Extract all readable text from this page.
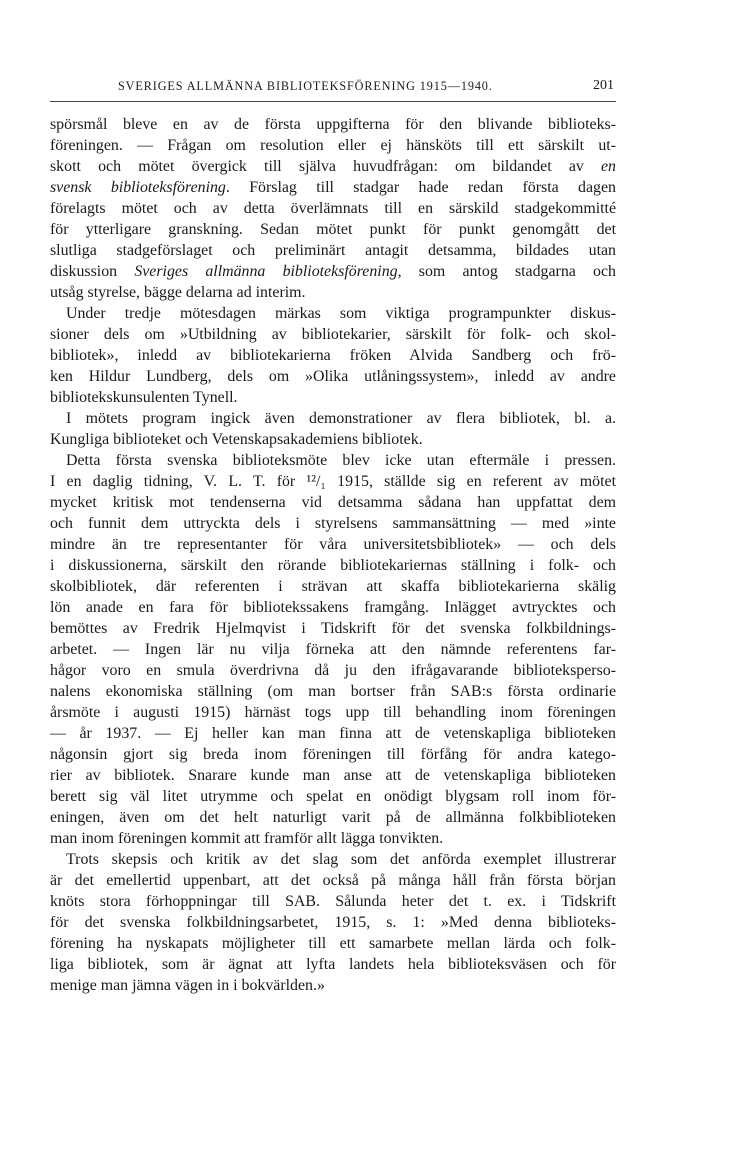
SVERIGES ALLMÄNNA BIBLIOTEKSFÖRENING 1915—1940.	201
spörsmål bleve en av de första uppgifterna för den blivande biblioteks-
föreningen. — Frågan om resolution eller ej hänsköts till ett särskilt ut-
skott och mötet övergick till själva huvudfrågan: om bildandet av en
svensk biblioteksförening. Förslag till stadgar hade redan första dagen
förelagts mötet och av detta överlämnats till en särskild stadgekommitté
för ytterligare granskning. Sedan mötet punkt för punkt genomgått det
slutliga stadgeförslaget och preliminärt antagit detsamma, bildades utan
diskussion Sveriges allmänna biblioteksförening, som antog stadgarna och
utsåg styrelse, bägge delarna ad interim.
Under tredje mötesdagen märkas som viktiga programpunkter diskus-
sioner dels om »Utbildning av bibliotekarier, särskilt för folk- och skol-
bibliotek», inledd av bibliotekarierna fröken Alvida Sandberg och frö-
ken Hildur Lundberg, dels om »Olika utlåningssystem», inledd av andre
bibliotekskunsulenten Tynell.
I mötets program ingick även demonstrationer av flera bibliotek, bl. a.
Kungliga biblioteket och Vetenskapsakademiens bibliotek.
Detta första svenska biblioteksmöte blev icke utan eftermäle i pressen.
I en daglig tidning, V. L. T. för ¹²/₁ 1915, ställde sig en referent av mötet
mycket kritisk mot tendenserna vid detsamma sådana han uppfattat dem
och funnit dem uttryckta dels i styrelsens sammansättning — med »inte
mindre än tre representanter för våra universitetsbibliotek» — och dels
i diskussionerna, särskilt den rörande bibliotekariernas ställning i folk- och
skolbibliotek, där referenten i strävan att skaffa bibliotekarierna skälig
lön anade en fara för bibliotekssakens framgång. Inlägget avtrycktes och
bemöttes av Fredrik Hjelmqvist i Tidskrift för det svenska folkbildnings-
arbetet. — Ingen lär nu vilja förneka att den nämnde referentens far-
hågor voro en smula överdrivna då ju den ifrågavarande bibliotekspersо-
nalens ekonomiska ställning (om man bortser från SAB:s första ordinarie
årsmöte i augusti 1915) härnäst togs upp till behandling inom föreningen
— år 1937. — Ej heller kan man finna att de vetenskapliga biblioteken
någonsin gjort sig breda inom föreningen till förfång för andra katego-
rier av bibliotek. Snarare kunde man anse att de vetenskapliga biblioteken
berett sig väl litet utrymme och spelat en onödigt blygsam roll inom för-
eningen, även om det helt naturligt varit på de allmänna folkbiblioteken
man inom föreningen kommit att framför allt lägga tonvikten.
Trots skepsis och kritik av det slag som det anförda exemplet illustrerar
är det emellertid uppenbart, att det också på många håll från första början
knöts stora förhoppningar till SAB. Sålunda heter det t. ex. i Tidskrift
för det svenska folkbildningsarbetet, 1915, s. 1: »Med denna biblioteks-
förening ha nyskapats möjligheter till ett samarbete mellan lärda och folk-
liga bibliotek, som är ägnat att lyfta landets hela biblioteksväsen och för
menige man jämna vägen in i bokvärlden.»
